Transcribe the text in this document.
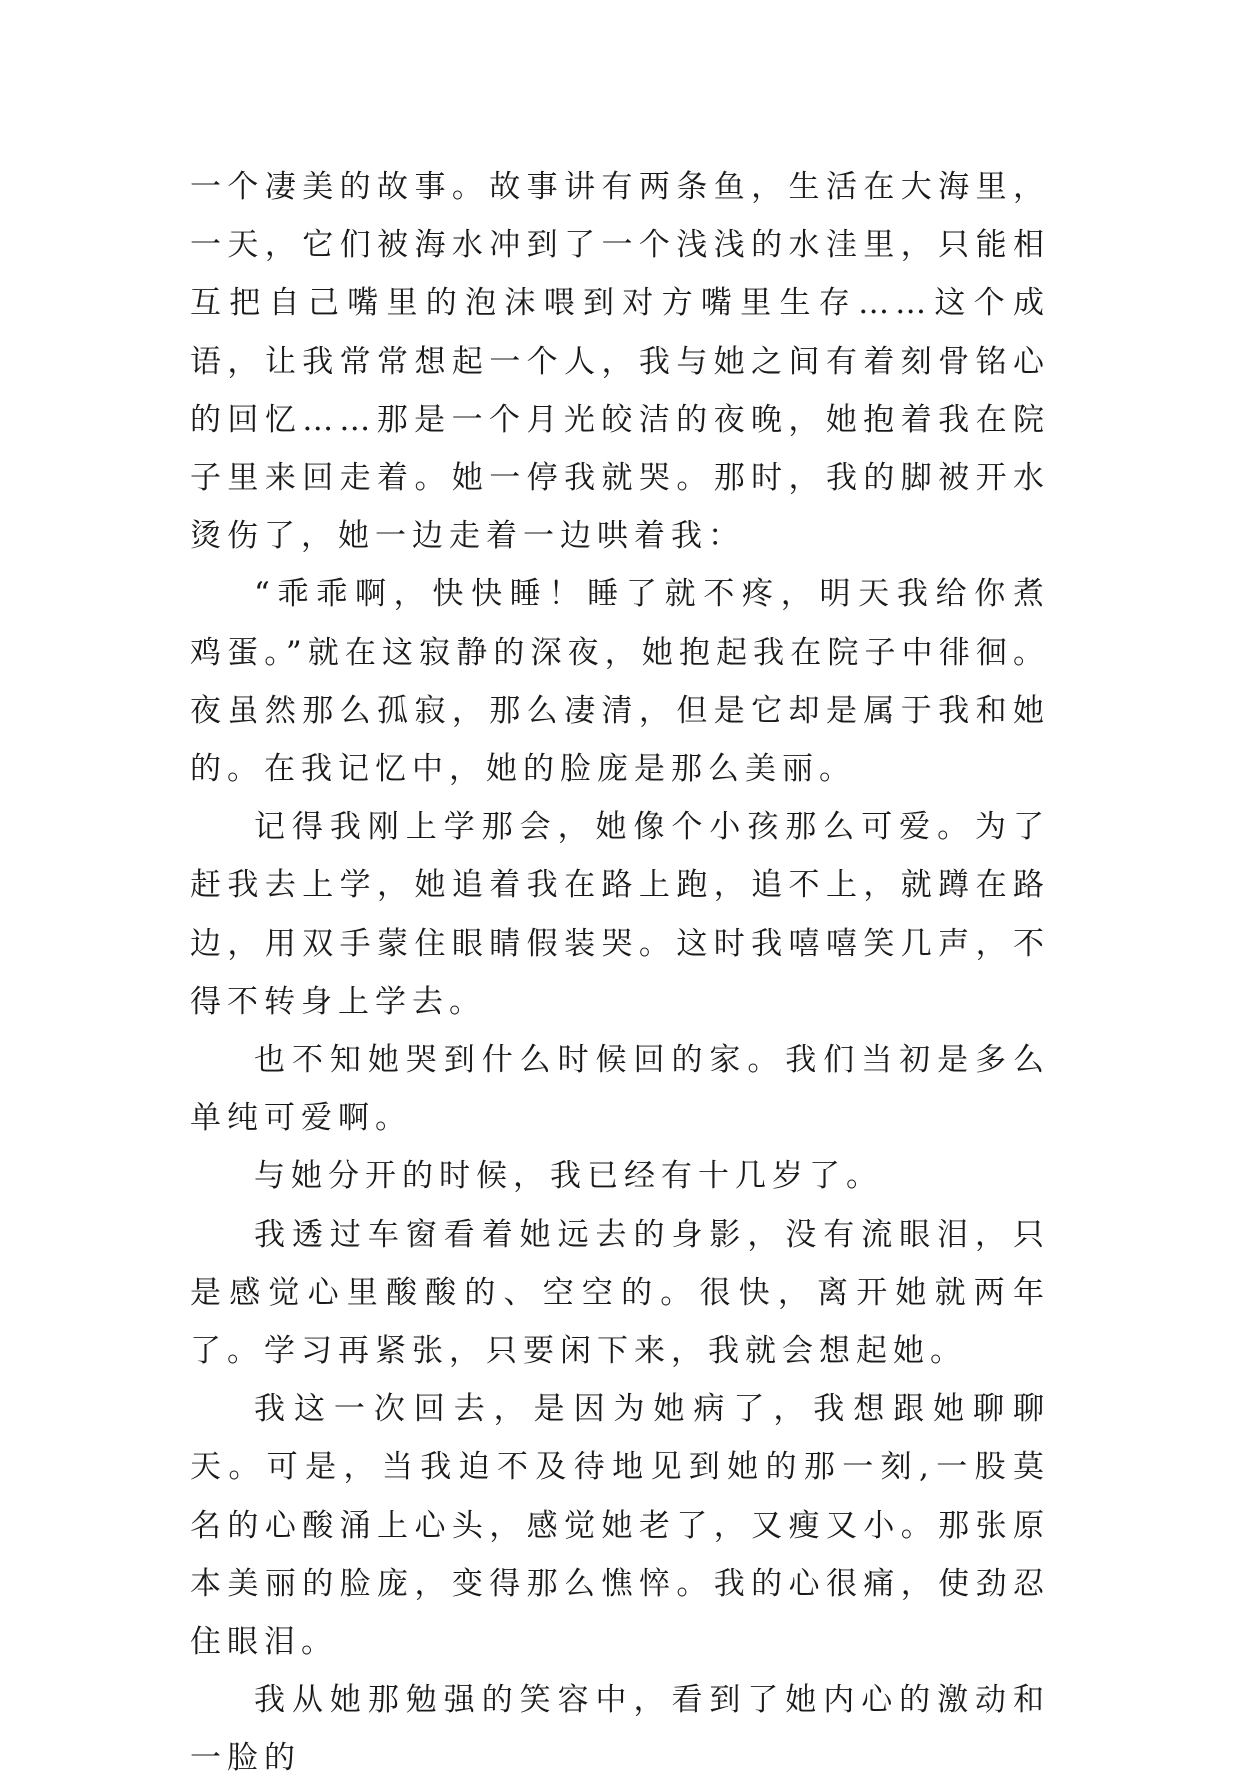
一个凄美的故事。故事讲有两条鱼，生活在大海里，一天，它们被海水冲到了一个浅浅的水洼里，只能相互把自己嘴里的泡沫喂到对方嘴里生存……这个成语，让我常常想起一个人，我与她之间有着刻骨铭心的回忆……那是一个月光皎洁的夜晚，她抱着我在院子里来回走着。她一停我就哭。那时，我的脚被开水烫伤了，她一边走着一边哄着我：

“乖乖啊，快快睡！睡了就不疼，明天我给你煮鸡蛋。”就在这寂静的深夜，她抱起我在院子中徘徊。夜虽然那么孤寂，那么凄清，但是它却是属于我和她的。在我记忆中，她的脸庞是那么美丽。

记得我刚上学那会，她像个小孩那么可爱。为了赶我去上学，她追着我在路上跑，追不上，就蹲在路边，用双手蒙住眼睛假装哭。这时我嘻嘻笑几声，不得不转身上学去。

也不知她哭到什么时候回的家。我们当初是多么单纯可爱啊。

与她分开的时候，我已经有十几岁了。

我透过车窗看着她远去的身影，没有流眼泪，只是感觉心里酸酸的、空空的。很快，离开她就两年了。学习再紧张，只要闲下来，我就会想起她。

我这一次回去，是因为她病了，我想跟她聊聊天。可是，当我迫不及待地见到她的那一刻,一股莫名的心酸涌上心头，感觉她老了，又瘦又小。那张原本美丽的脸庞，变得那么憔悴。我的心很痛，使劲忍住眼泪。

我从她那勉强的笑容中，看到了她内心的激动和一脸的
